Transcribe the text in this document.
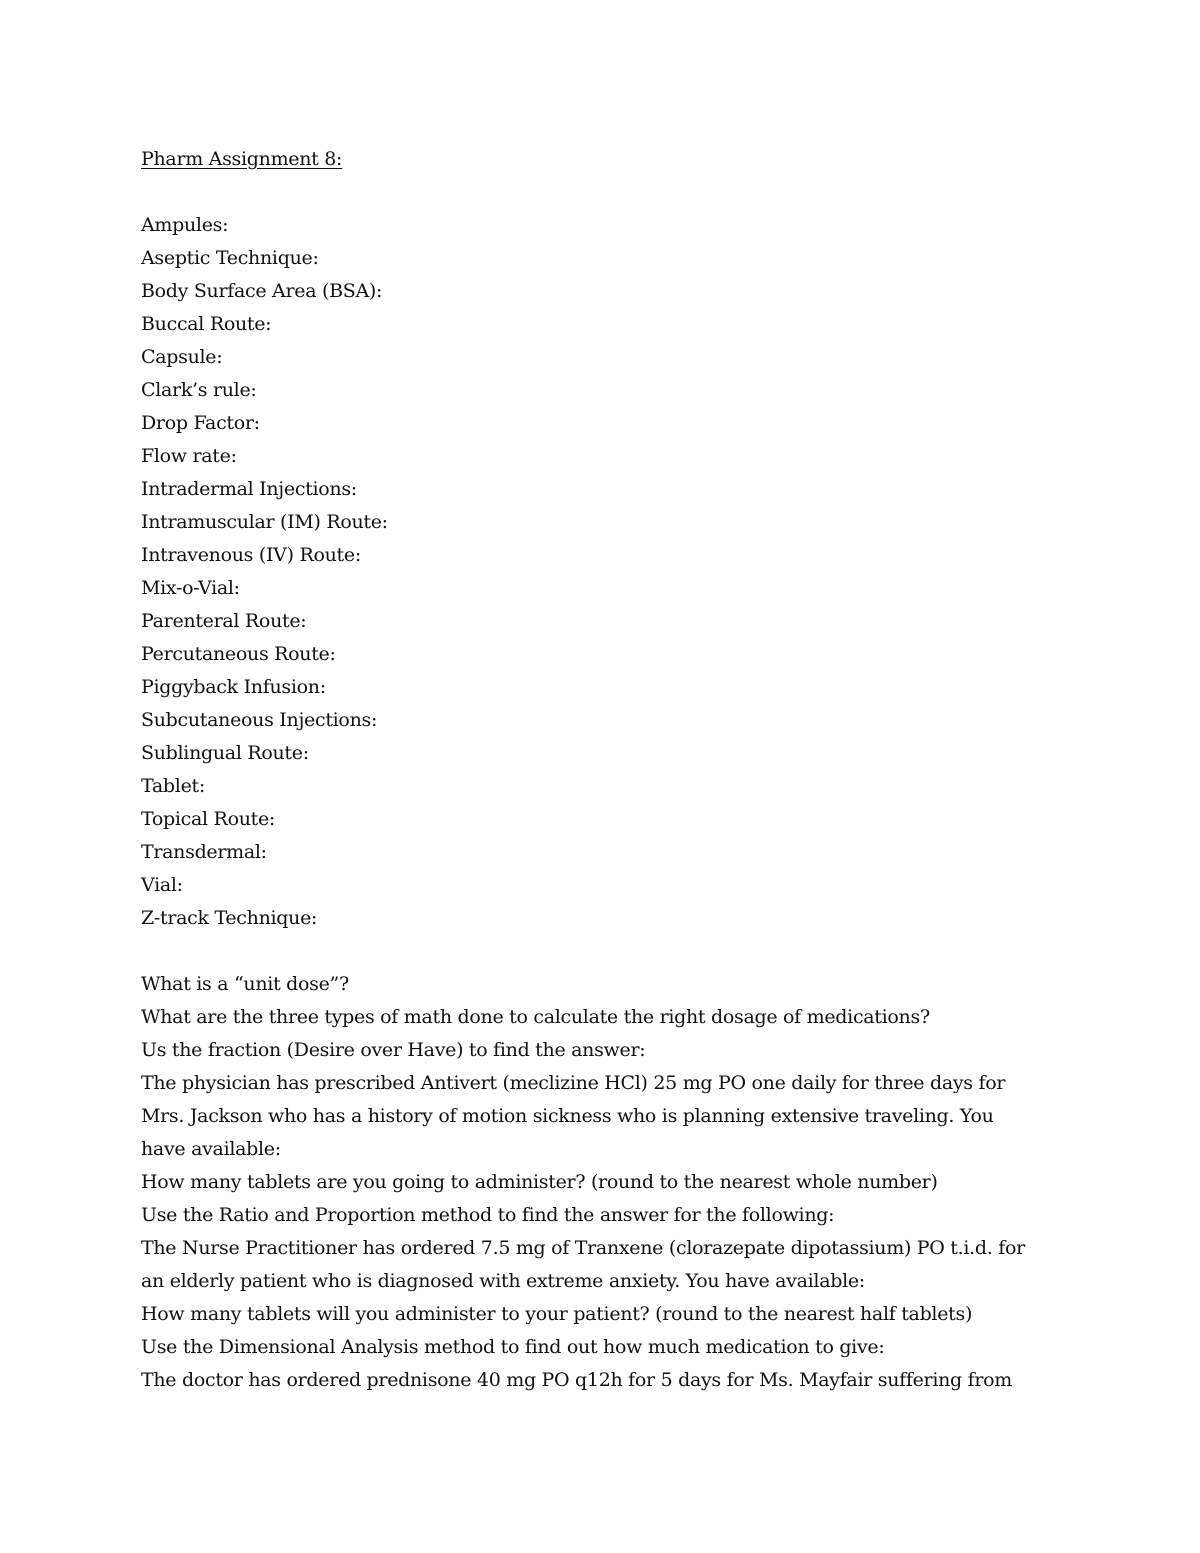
Pharm Assignment 8:

Ampules:
Aseptic Technique:
Body Surface Area (BSA):
Buccal Route:
Capsule:
Clark’s rule:
Drop Factor:
Flow rate:
Intradermal Injections:
Intramuscular (IM) Route:
Intravenous (IV) Route:
Mix-o-Vial:
Parenteral Route:
Percutaneous Route:
Piggyback Infusion:
Subcutaneous Injections:
Sublingual Route:
Tablet:
Topical Route:
Transdermal:
Vial:
Z-track Technique:

What is a “unit dose”?

What are the three types of math done to calculate the right dosage of medications?

Us the fraction (Desire over Have) to find the answer:

The physician has prescribed Antivert (meclizine HCl) 25 mg PO one daily for three days for Mrs. Jackson who has a history of motion sickness who is planning extensive traveling. You have available:

How many tablets are you going to administer? (round to the nearest whole number)

Use the Ratio and Proportion method to find the answer for the following:

The Nurse Practitioner has ordered 7.5 mg of Tranxene (clorazepate dipotassium) PO t.i.d. for an elderly patient who is diagnosed with extreme anxiety. You have available:

How many tablets will you administer to your patient? (round to the nearest half tablets)

Use the Dimensional Analysis method to find out how much medication to give:

The doctor has ordered prednisone 40 mg PO q12h for 5 days for Ms. Mayfair suffering from
